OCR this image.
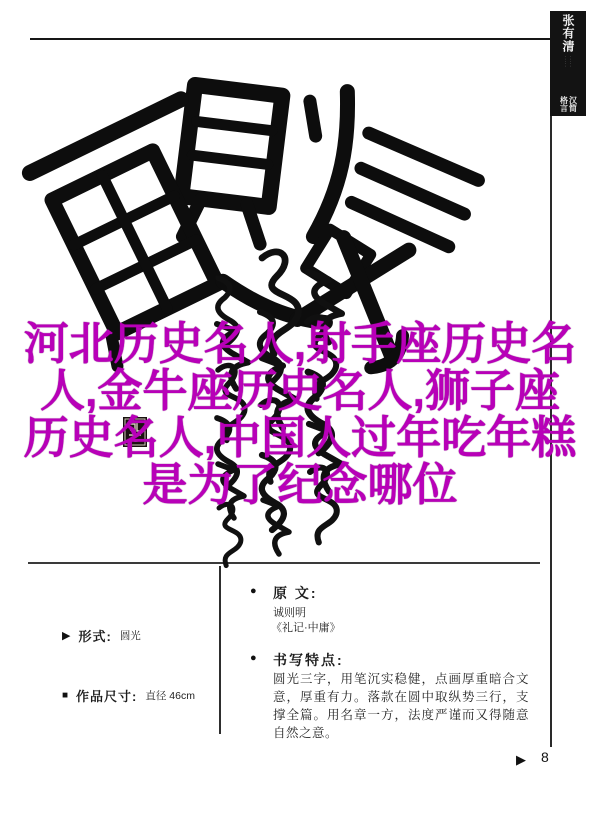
张有清
····· ·····
汉简
格言
河北历史名人,射手座历史名
人,金牛座历史名人,狮子座
历史名人,中国人过年吃年糕
是为了纪念哪位
▶ 形式: 圆光
■ 作品尺寸: 直径 46cm
● 原 文:
诚则明
《礼记·中庸》
● 书写特点:
圆光三字，用笔沉实稳健，点画厚重暗合文意，厚重有力。落款在圆中取纵势三行，支撑全篇。用名章一方，法度严谨而又得随意自然之意。
▶ 8
